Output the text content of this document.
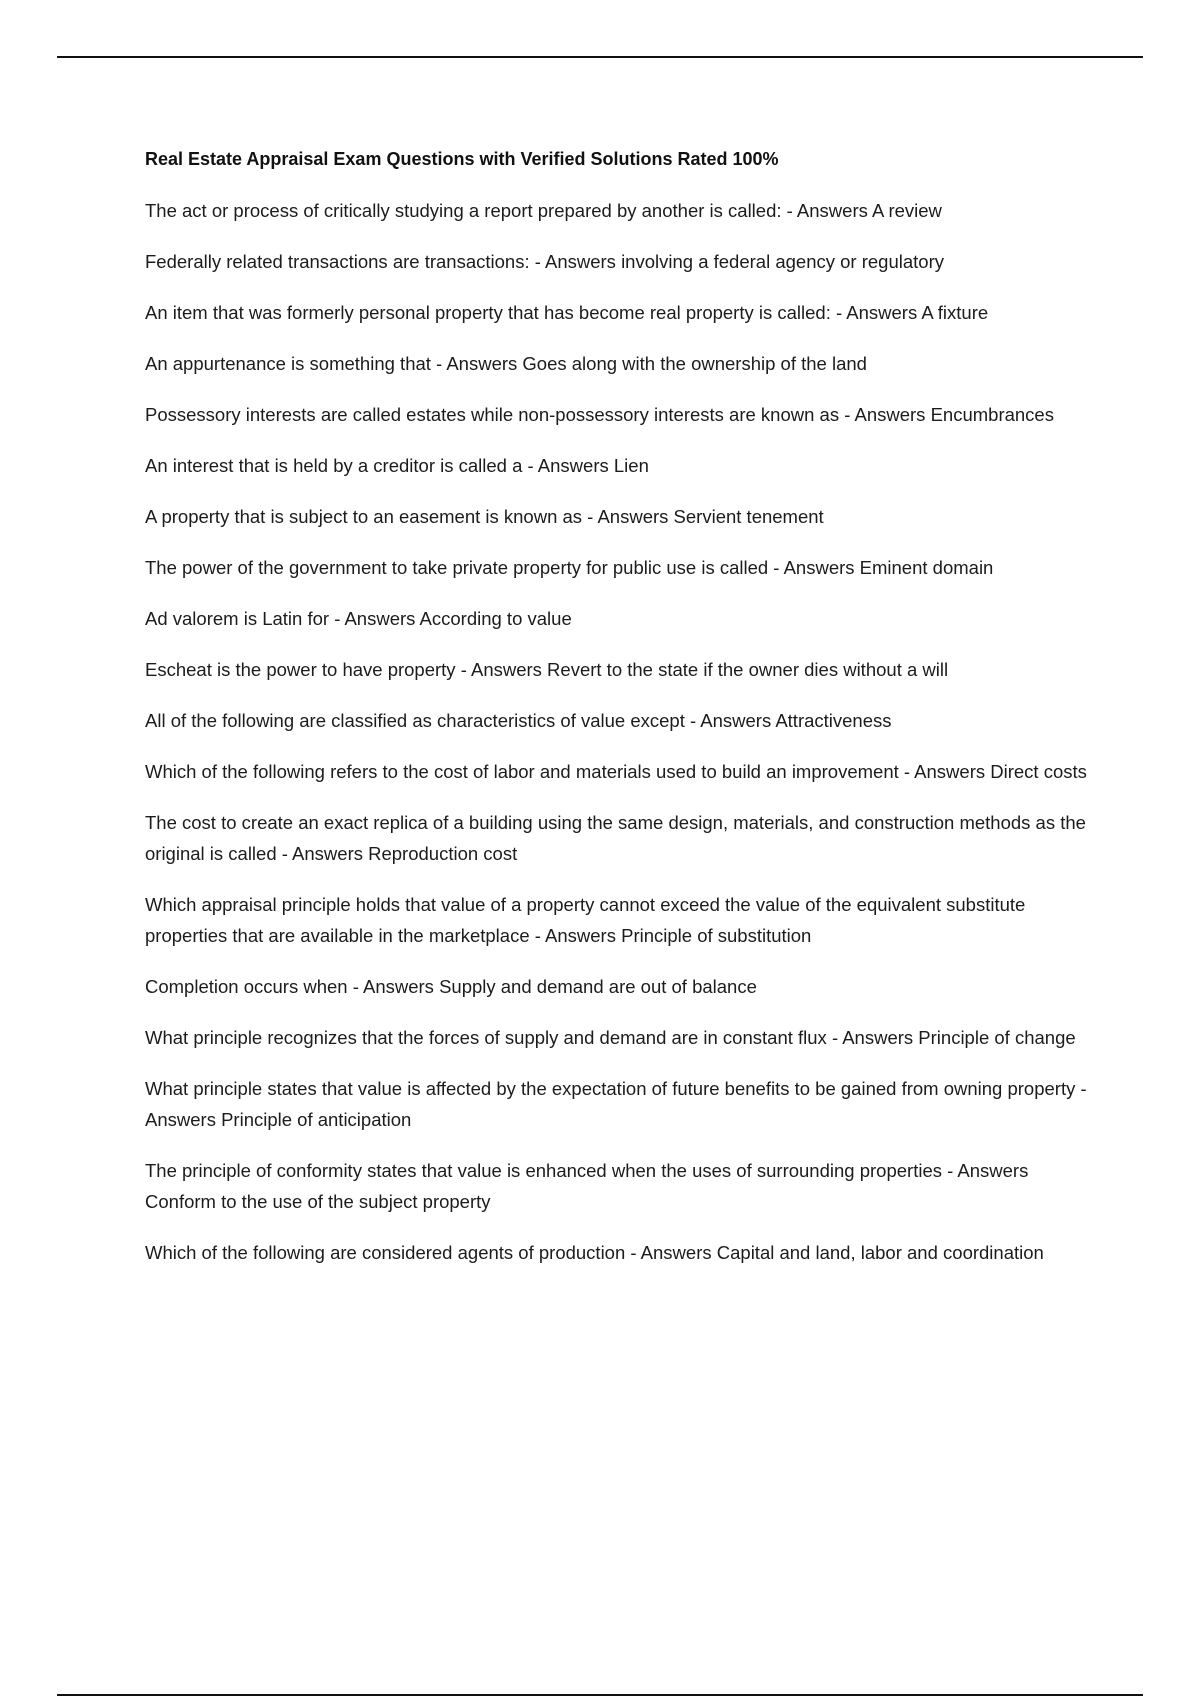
Real Estate Appraisal Exam Questions with Verified Solutions Rated 100%
The act or process of critically studying a report prepared by another is called: - Answers A review
Federally related transactions are transactions: - Answers involving a federal agency or regulatory
An item that was formerly personal property that has become real property is called: - Answers A fixture
An appurtenance is something that - Answers Goes along with the ownership of the land
Possessory interests are called estates while non-possessory interests are known as - Answers Encumbrances
An interest that is held by a creditor is called a - Answers Lien
A property that is subject to an easement is known as - Answers Servient tenement
The power of the government to take private property for public use is called - Answers Eminent domain
Ad valorem is Latin for - Answers According to value
Escheat is the power to have property - Answers Revert to the state if the owner dies without a will
All of the following are classified as characteristics of value except - Answers Attractiveness
Which of the following refers to the cost of labor and materials used to build an improvement - Answers Direct costs
The cost to create an exact replica of a building using the same design, materials, and construction methods as the original is called - Answers Reproduction cost
Which appraisal principle holds that value of a property cannot exceed the value of the equivalent substitute properties that are available in the marketplace - Answers Principle of substitution
Completion occurs when - Answers Supply and demand are out of balance
What principle recognizes that the forces of supply and demand are in constant flux - Answers Principle of change
What principle states that value is affected by the expectation of future benefits to be gained from owning property - Answers Principle of anticipation
The principle of conformity states that value is enhanced when the uses of surrounding properties - Answers Conform to the use of the subject property
Which of the following are considered agents of production - Answers Capital and land, labor and coordination
